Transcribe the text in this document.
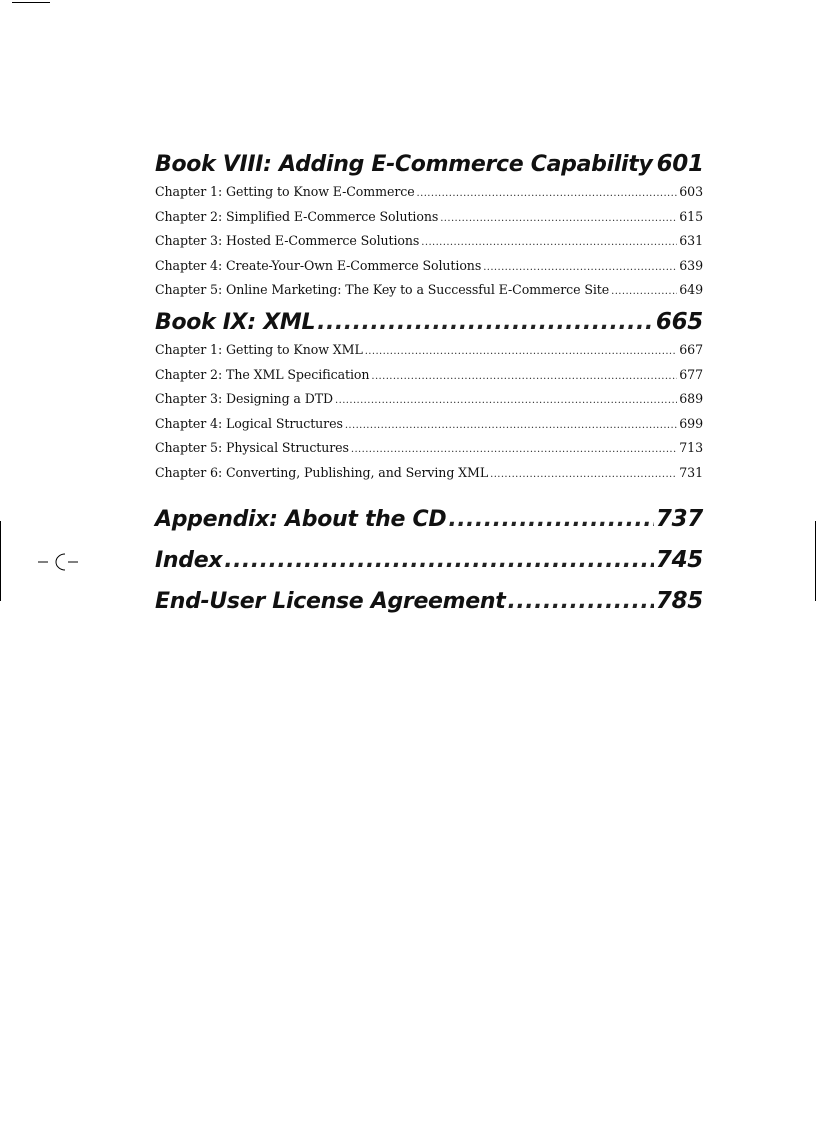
Book VIII: Adding E-Commerce Capability 601
Chapter 1: Getting to Know E-Commerce .....	603
Chapter 2: Simplified E-Commerce Solutions .....	615
Chapter 3: Hosted E-Commerce Solutions .....	631
Chapter 4: Create-Your-Own E-Commerce Solutions .....	639
Chapter 5: Online Marketing: The Key to a Successful E-Commerce Site .....	649
Book IX: XML .....	665
Chapter 1: Getting to Know XML .....	667
Chapter 2: The XML Specification .....	677
Chapter 3: Designing a DTD .....	689
Chapter 4: Logical Structures .....	699
Chapter 5: Physical Structures .....	713
Chapter 6: Converting, Publishing, and Serving XML .....	731
Appendix: About the CD .....	737
Index .....	745
End-User License Agreement .....	785
